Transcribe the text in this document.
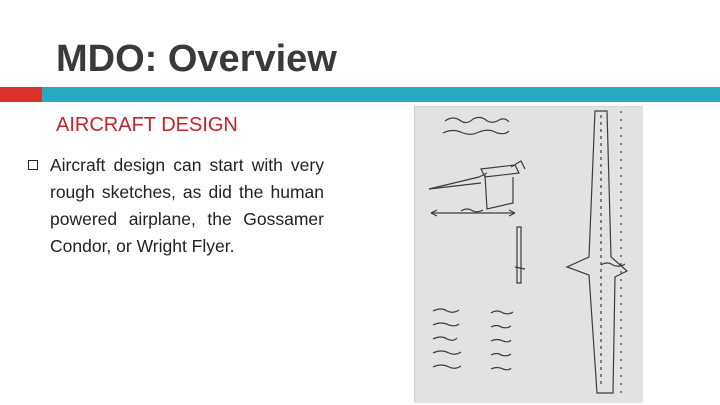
MDO: Overview
AIRCRAFT DESIGN
Aircraft design can start with very rough sketches, as did the human powered airplane, the Gossamer Condor, or Wright Flyer.
